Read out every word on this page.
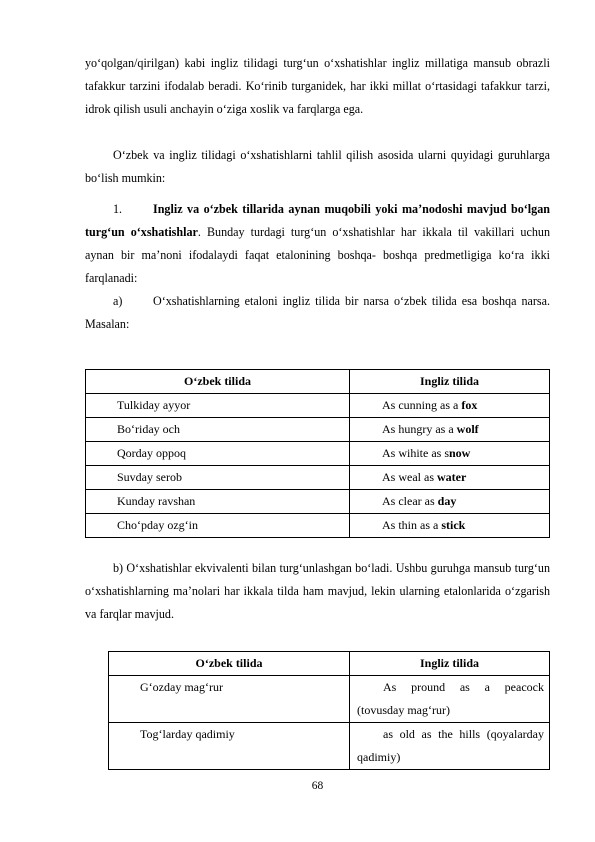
yo‘qolgan/qirilgan) kabi ingliz tilidagi turg‘un o‘xshatishlar ingliz millatiga mansub obrazli tafakkur tarzini ifodalab beradi. Ko‘rinib turganidek, har ikki millat o‘rtasidagi tafakkur tarzi, idrok qilish usuli anchayin o‘ziga xoslik va farqlarga ega.

O‘zbek va ingliz tilidagi o‘xshatishlarni tahlil qilish asosida ularni quyidagi guruhlarga bo‘lish mumkin:

1.	Ingliz va o‘zbek tillarida aynan muqobili yoki ma’nodoshi mavjud bo‘lgan turg‘un o‘xshatishlar. Bunday turdagi turg‘un o‘xshatishlar har ikkala til vakillari uchun aynan bir ma’noni ifodalaydi faqat etalonining boshqa- boshqa predmetligiga ko‘ra ikki farqlanadi:

a)	O‘xshatishlarning etaloni ingliz tilida bir narsa o‘zbek tilida esa boshqa narsa. Masalan:

O‘zbek tilida	Ingliz tilida
Tulkiday ayyor	As cunning as a fox
Bo‘riday och	As hungry as a wolf
Qorday oppoq	As wihite as snow
Suvday serob	As weal as water
Kunday ravshan	As clear as day
Cho‘pday ozg‘in	As thin as a stick

b) O‘xshatishlar ekvivalenti bilan turg‘unlashgan bo‘ladi. Ushbu guruhga mansub turg‘un o‘xshatishlarning ma’nolari har ikkala tilda ham mavjud, lekin ularning etalonlarida o‘zgarish va farqlar mavjud.

O‘zbek tilida	Ingliz tilida
G‘ozday mag‘rur	As pround as a peacock (tovusday mag‘rur)
Tog‘larday qadimiy	as old as the hills (qoyalarday qadimiy)
68
